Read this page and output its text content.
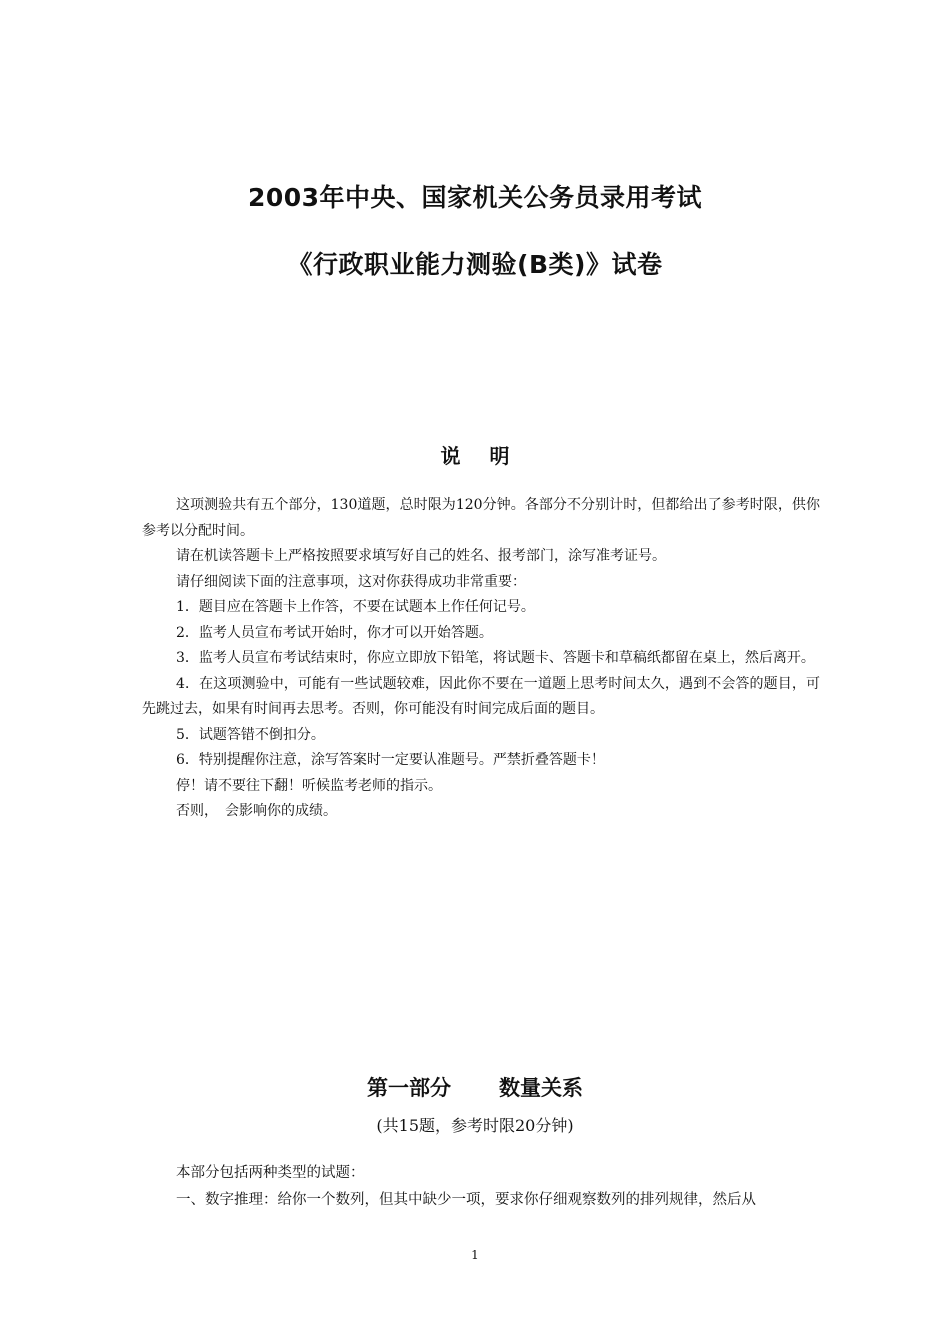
2003年中央、国家机关公务员录用考试
《行政职业能力测验(B类)》试卷
说 明

这项测验共有五个部分，130道题，总时限为120分钟。各部分不分别计时，但都给出了参考时限，供你参考以分配时间。

请在机读答题卡上严格按照要求填写好自己的姓名、报考部门，涂写准考证号。

请仔细阅读下面的注意事项，这对你获得成功非常重要：

1．题目应在答题卡上作答，不要在试题本上作任何记号。

2．监考人员宣布考试开始时，你才可以开始答题。

3．监考人员宣布考试结束时，你应立即放下铅笔，将试题卡、答题卡和草稿纸都留在桌上，然后离开。

4．在这项测验中，可能有一些试题较难，因此你不要在一道题上思考时间太久，遇到不会答的题目，可先跳过去，如果有时间再去思考。否则，你可能没有时间完成后面的题目。

5．试题答错不倒扣分。

6．特别提醒你注意，涂写答案时一定要认准题号。严禁折叠答题卡！

停！请不要往下翻！听候监考老师的指示。

否则，　会影响你的成绩。

第一部分 数量关系
(共15题，参考时限20分钟)
本部分包括两种类型的试题：
一、数字推理：给你一个数列，但其中缺少一项，要求你仔细观察数列的排列规律，然后从
1
